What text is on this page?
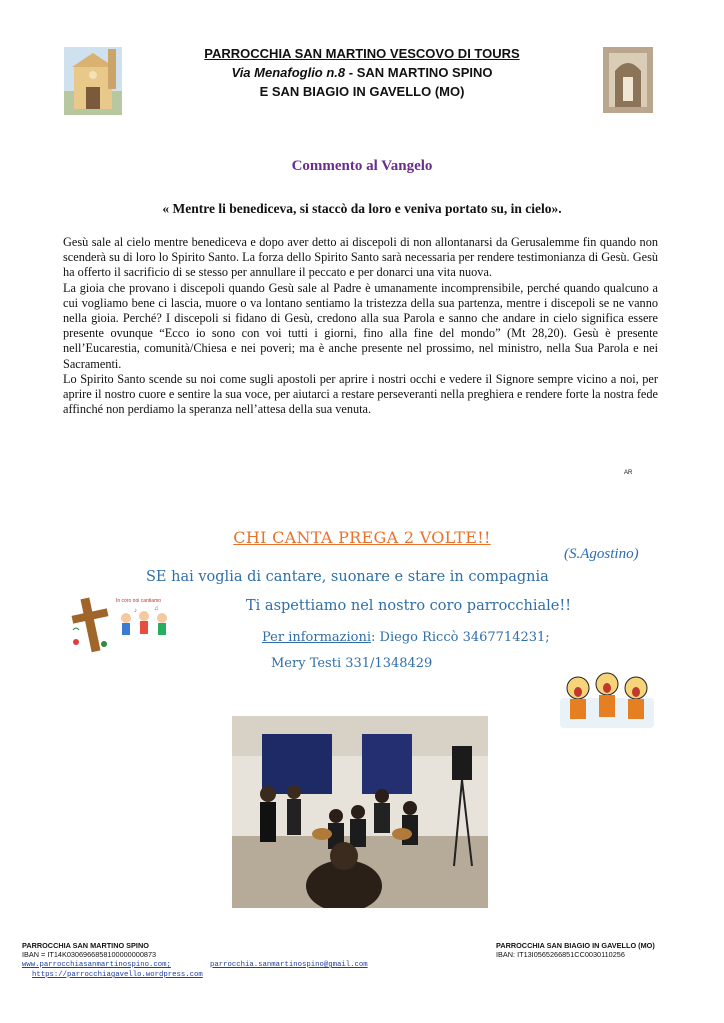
PARROCCHIA SAN MARTINO VESCOVO DI TOURS
Via Menafoglio n.8 - SAN MARTINO SPINO
E SAN BIAGIO IN GAVELLO (MO)
Commento al Vangelo
« Mentre li benediceva, si staccò da loro e veniva portato su, in cielo».

Gesù sale al cielo mentre benediceva e dopo aver detto ai discepoli di non allontanarsi da Gerusalemme fin quando non scenderà su di loro lo Spirito Santo. La forza dello Spirito Santo sarà necessaria per rendere testimonianza di Gesù. Gesù ha offerto il sacrificio di se stesso per annullare il peccato e per donarci una vita nuova.

La gioia che provano i discepoli quando Gesù sale al Padre è umanamente incomprensibile, perché quando qualcuno a cui vogliamo bene ci lascia, muore o va lontano sentiamo la tristezza della sua partenza, mentre i discepoli se ne vanno nella gioia. Perché? I discepoli si fidano di Gesù, credono alla sua Parola e sanno che andare in cielo significa essere presente ovunque “Ecco io sono con voi tutti i giorni, fino alla fine del mondo” (Mt 28,20). Gesù è presente nell’Eucarestia, comunità/Chiesa e nei poveri; ma è anche presente nel prossimo, nel ministro, nella Sua Parola e nei Sacramenti.

Lo Spirito Santo scende su noi come sugli apostoli per aprire i nostri occhi e vedere il Signore sempre vicino a noi, per aprire il nostro cuore e sentire la sua voce, per aiutarci a restare perseveranti nella preghiera e rendere forte la nostra fede affinché non perdiamo la speranza nell’attesa della sua venuta.

AR
CHI CANTA PREGA 2 VOLTE!!
(S.Agostino)
SE hai voglia di cantare, suonare e stare in compagnia
Ti aspettiamo nel nostro coro parrocchiale!!
Per informazioni: Diego Riccò 3467714231;
Mery Testi 331/1348429
In coro noi cantiamo
♪	♫
PARROCCHIA SAN MARTINO SPINO
IBAN = IT14K0306966858100000000873
PARROCCHIA SAN BIAGIO IN GAVELLO (MO)
IBAN: IT13I0565266851CC0030110256
www.parrocchiasanmartinospino.com;	parrocchia.sanmartinospino@gmail.com
https://parrocchiagavello.wordpress.com
